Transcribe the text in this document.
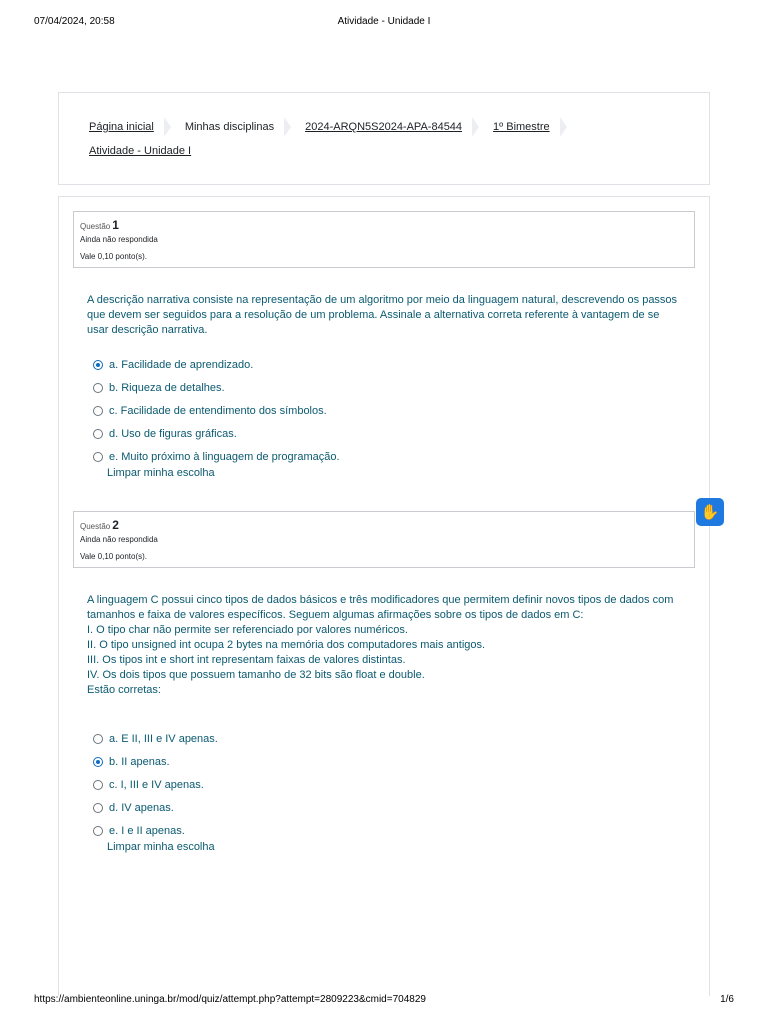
07/04/2024, 20:58	Atividade - Unidade I
Página inicial	Minhas disciplinas	2024-ARQN5S2024-APA-84544	1º Bimestre
Atividade - Unidade I
Questão 1
Ainda não respondida
Vale 0,10 ponto(s).

A descrição narrativa consiste na representação de um algoritmo por meio da linguagem natural, descrevendo os passos que devem ser seguidos para a resolução de um problema. Assinale a alternativa correta referente à vantagem de se usar descrição narrativa.

a. Facilidade de aprendizado.
b. Riqueza de detalhes.
c. Facilidade de entendimento dos símbolos.
d. Uso de figuras gráficas.
e. Muito próximo à linguagem de programação.
Limpar minha escolha
✋
Questão 2
Ainda não respondida
Vale 0,10 ponto(s).

A linguagem C possui cinco tipos de dados básicos e três modificadores que permitem definir novos tipos de dados com tamanhos e faixa de valores específicos. Seguem algumas afirmações sobre os tipos de dados em C:

I. O tipo char não permite ser referenciado por valores numéricos.

II. O tipo unsigned int ocupa 2 bytes na memória dos computadores mais antigos.

III. Os tipos int e short int representam faixas de valores distintas.

IV. Os dois tipos que possuem tamanho de 32 bits são float e double.

Estão corretas:

a. E II, III e IV apenas.
b. II apenas.
c. I, III e IV apenas.
d. IV apenas.
e. I e II apenas.
Limpar minha escolha
https://ambienteonline.uninga.br/mod/quiz/attempt.php?attempt=2809223&cmid=704829	1/6
